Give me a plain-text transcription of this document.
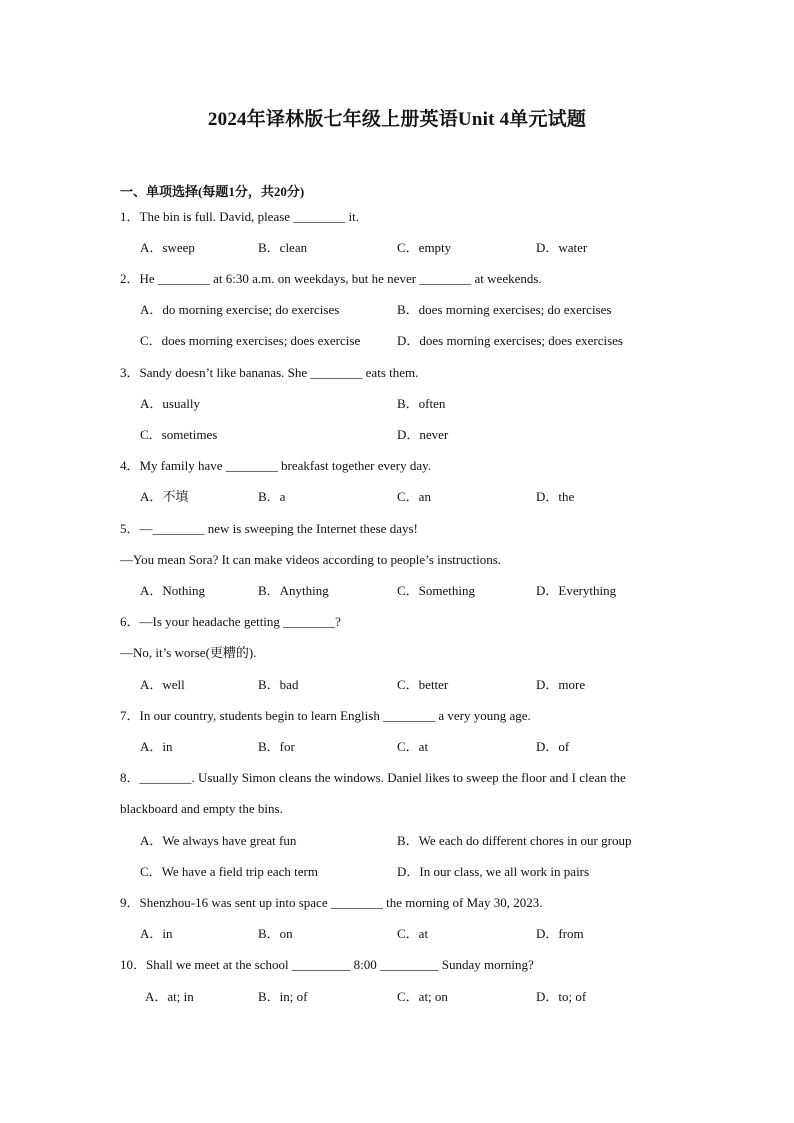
2024年译林版七年级上册英语Unit 4单元试题
一、单项选择(每题1分，共20分)
1．The bin is full. David, please ________ it.
A．sweep	B．clean	C．empty	D．water
2．He ________ at 6:30 a.m. on weekdays, but he never ________ at weekends.
A．do morning exercise; do exercises	B．does morning exercises; do exercises
C．does morning exercises; does exercise	D．does morning exercises; does exercises
3．Sandy doesn’t like bananas. She ________ eats them.
A．usually	B．often
C．sometimes	D．never
4．My family have ________ breakfast together every day.
A．不填	B．a	C．an	D．the
5．—________ new is sweeping the Internet these days!
—You mean Sora? It can make videos according to people’s instructions.
A．Nothing	B．Anything	C．Something	D．Everything
6．—Is your headache getting ________?
—No, it’s worse(更糟的).
A．well	B．bad	C．better	D．more
7．In our country, students begin to learn English ________ a very young age.
A．in	B．for	C．at	D．of
8．________. Usually Simon cleans the windows. Daniel likes to sweep the floor and I clean the
blackboard and empty the bins.
A．We always have great fun	B．We each do different chores in our group
C．We have a field trip each term	D．In our class, we all work in pairs
9．Shenzhou-16 was sent up into space ________ the morning of May 30, 2023.
A．in	B．on	C．at	D．from
10．Shall we meet at the school _________ 8:00 _________ Sunday morning?
A．at; in	B．in; of	C．at; on	D．to; of
